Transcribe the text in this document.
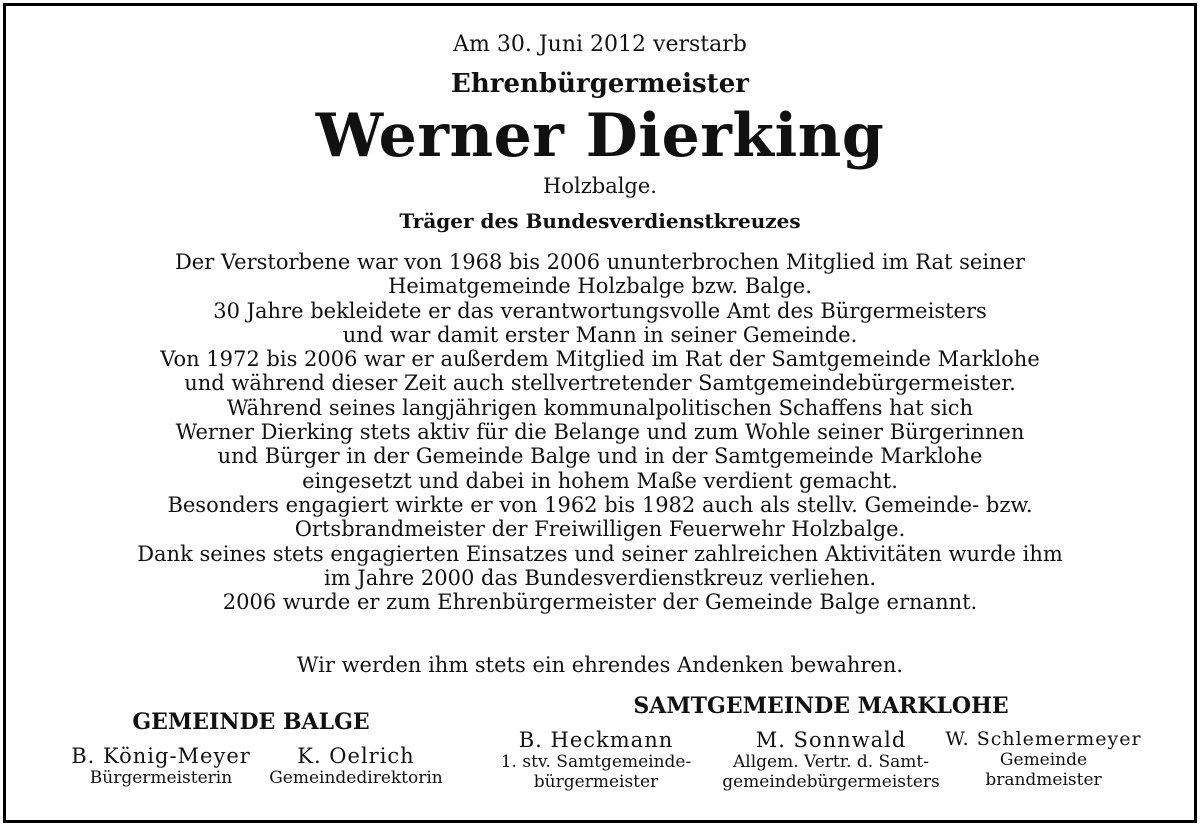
Am 30. Juni 2012 verstarb
Ehrenbürgermeister
Werner Dierking
Holzbalge.
Träger des Bundesverdienstkreuzes
Der Verstorbene war von 1968 bis 2006 ununterbrochen Mitglied im Rat seiner
Heimatgemeinde Holzbalge bzw. Balge.
30 Jahre bekleidete er das verantwortungsvolle Amt des Bürgermeisters
und war damit erster Mann in seiner Gemeinde.
Von 1972 bis 2006 war er außerdem Mitglied im Rat der Samtgemeinde Marklohe
und während dieser Zeit auch stellvertretender Samtgemeindebürgermeister.
Während seines langjährigen kommunalpolitischen Schaffens hat sich
Werner Dierking stets aktiv für die Belange und zum Wohle seiner Bürgerinnen
und Bürger in der Gemeinde Balge und in der Samtgemeinde Marklohe
eingesetzt und dabei in hohem Maße verdient gemacht.
Besonders engagiert wirkte er von 1962 bis 1982 auch als stellv. Gemeinde- bzw.
Ortsbrandmeister der Freiwilligen Feuerwehr Holzbalge.
Dank seines stets engagierten Einsatzes und seiner zahlreichen Aktivitäten wurde ihm
im Jahre 2000 das Bundesverdienstkreuz verliehen.
2006 wurde er zum Ehrenbürgermeister der Gemeinde Balge ernannt.
Wir werden ihm stets ein ehrendes Andenken bewahren.
GEMEINDE BALGE
B. König-Meyer
Bürgermeisterin
K. Oelrich
Gemeindedirektorin
SAMTGEMEINDE MARKLOHE
B. Heckmann
1. stv. Samtgemeinde-
bürgermeister
M. Sonnwald
Allgem. Vertr. d. Samt-
gemeindebürgermeisters
W. Schlemermeyer
Gemeinde
brandmeister
